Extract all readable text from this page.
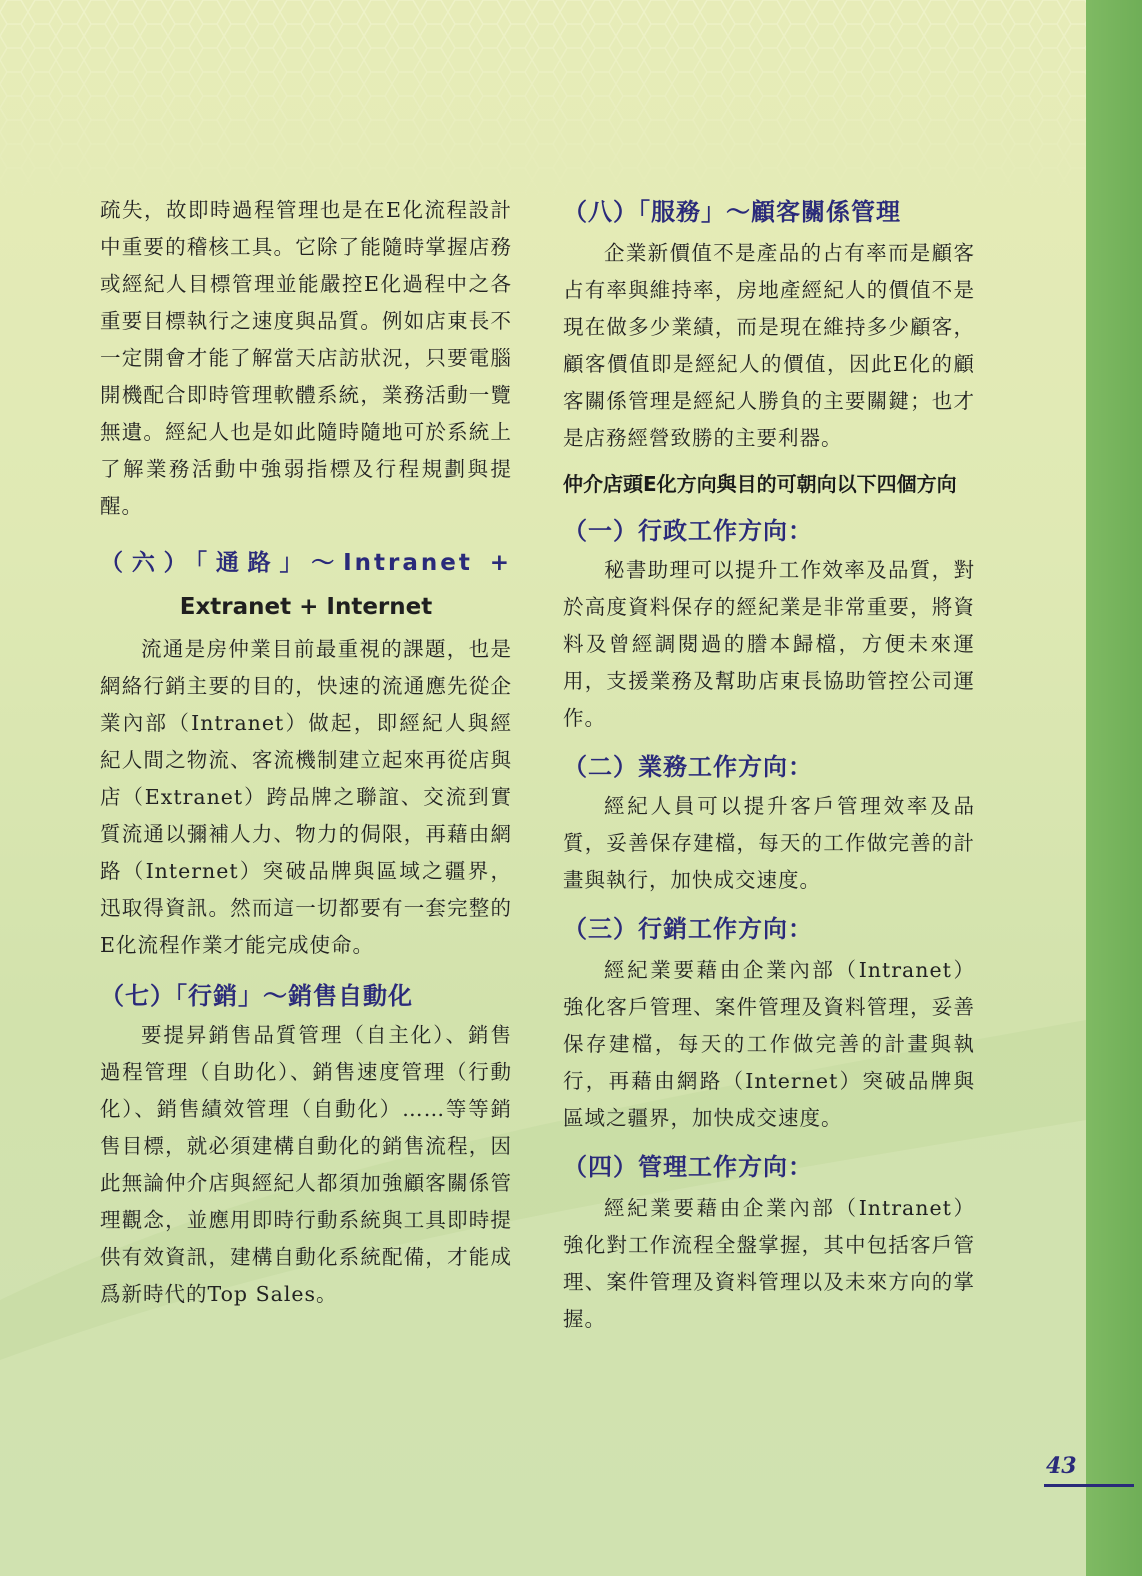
疏失，故即時過程管理也是在E化流程設計中重要的稽核工具。它除了能隨時掌握店務或經紀人目標管理並能嚴控E化過程中之各重要目標執行之速度與品質。例如店東長不一定開會才能了解當天店訪狀況，只要電腦開機配合即時管理軟體系統，業務活動一覽無遺。經紀人也是如此隨時隨地可於系統上了解業務活動中強弱指標及行程規劃與提醒。

（六）「通路」～Intranet +
Extranet + Internet

流通是房仲業目前最重視的課題，也是網絡行銷主要的目的，快速的流通應先從企業內部（Intranet）做起，即經紀人與經紀人間之物流、客流機制建立起來再從店與店（Extranet）跨品牌之聯誼、交流到實質流通以彌補人力、物力的侷限，再藉由網路（Internet）突破品牌與區域之疆界，迅取得資訊。然而這一切都要有一套完整的E化流程作業才能完成使命。

（七）「行銷」～銷售自動化

要提昇銷售品質管理（自主化）、銷售過程管理（自助化）、銷售速度管理（行動化）、銷售績效管理（自動化）……等等銷售目標，就必須建構自動化的銷售流程，因此無論仲介店與經紀人都須加強顧客關係管理觀念，並應用即時行動系統與工具即時提供有效資訊，建構自動化系統配備，才能成爲新時代的Top Sales。

（八）「服務」～顧客關係管理

企業新價值不是產品的占有率而是顧客占有率與維持率，房地產經紀人的價值不是現在做多少業績，而是現在維持多少顧客，顧客價值即是經紀人的價值，因此E化的顧客關係管理是經紀人勝負的主要關鍵；也才是店務經營致勝的主要利器。

仲介店頭E化方向與目的可朝向以下四個方向

（一）行政工作方向：

秘書助理可以提升工作效率及品質，對於高度資料保存的經紀業是非常重要，將資料及曾經調閱過的謄本歸檔，方便未來運用，支援業務及幫助店東長協助管控公司運作。

（二）業務工作方向：

經紀人員可以提升客戶管理效率及品質，妥善保存建檔，每天的工作做完善的計畫與執行，加快成交速度。

（三）行銷工作方向：

經紀業要藉由企業內部（Intranet）強化客戶管理、案件管理及資料管理，妥善保存建檔，每天的工作做完善的計畫與執行，再藉由網路（Internet）突破品牌與區域之疆界，加快成交速度。

（四）管理工作方向：

經紀業要藉由企業內部（Intranet）強化對工作流程全盤掌握，其中包括客戶管理、案件管理及資料管理以及未來方向的掌握。

43
